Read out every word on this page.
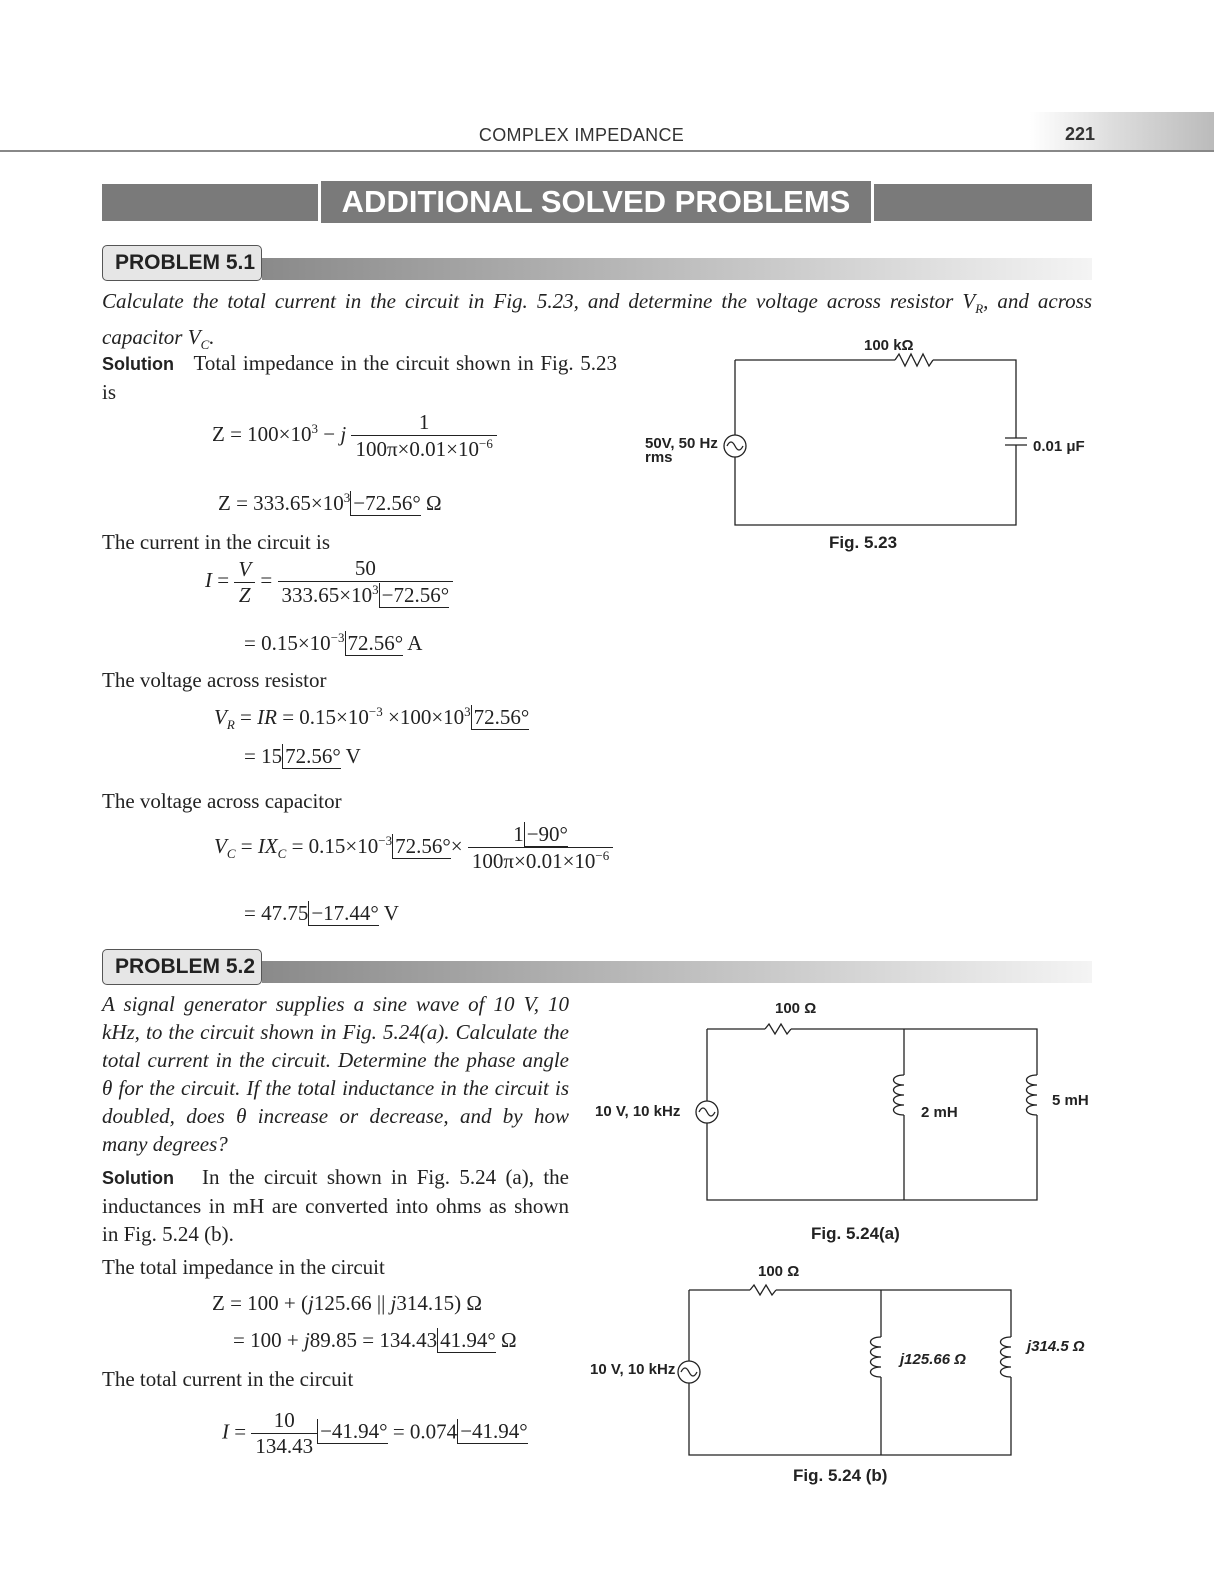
221
COMPLEX IMPEDANCE
ADDITIONAL SOLVED PROBLEMS
PROBLEM 5.1
Calculate the total current in the circuit in Fig. 5.23, and determine the voltage across resistor $V_R$, and across capacitor $V_C$.
Solution Total impedance in the circuit shown in Fig. 5.23 is
$Z = 100\times 10^3 - j \frac{1}{100\pi\times 0.01\times 10^{-6}}$
$Z = 333.65\times 10^3 -72.56^\circ$ Ω
The current in the circuit is
$I = \frac{V}{Z} = \frac{50}{333.65\times 10^3 -72.56^\circ}$
= $0.15\times 10^{-3}$ 72.56° A
The voltage across resistor
$V_R$ = IR = $0.15\times 10^{-3} \times 100\times 10^3$ 72.56°
= 15 72.56° V
The voltage across capacitor
$V_C = IX_C = 0.15\times 10^{-3}$ $72.56^\circ\times \frac{1 -90^\circ}{100\pi\times 0.01\times 10^{-6}}$
= 47.75 −17.44° V
100 kΩ
50V, 50 Hz
rms
0.01 μF
Fig. 5.23
PROBLEM 5.2
A signal generator supplies a sine wave of 10 V, 10 kHz, to the circuit shown in Fig. 5.24(a). Calculate the total current in the circuit. Determine the phase angle θ for the circuit. If the total inductance in the circuit is doubled, does θ increase or decrease, and by how many degrees?
Solution In the circuit shown in Fig. 5.24 (a), the inductances in mH are converted into ohms as shown in Fig. 5.24 (b).
The total impedance in the circuit
Z = 100 + (j125.66 || j314.15) Ω
= 100 + j89.85 = 134.43 41.94° Ω
The total current in the circuit
$I = \frac{10}{134.43} -41.94^\circ = 0.074 -41.94^\circ$
100 Ω
10 V, 10 kHz	2 mH
5 mH
Fig. 5.24(a)
100 Ω
10 V, 10 kHz
j125.66 Ω
j314.5 Ω
Fig. 5.24 (b)
